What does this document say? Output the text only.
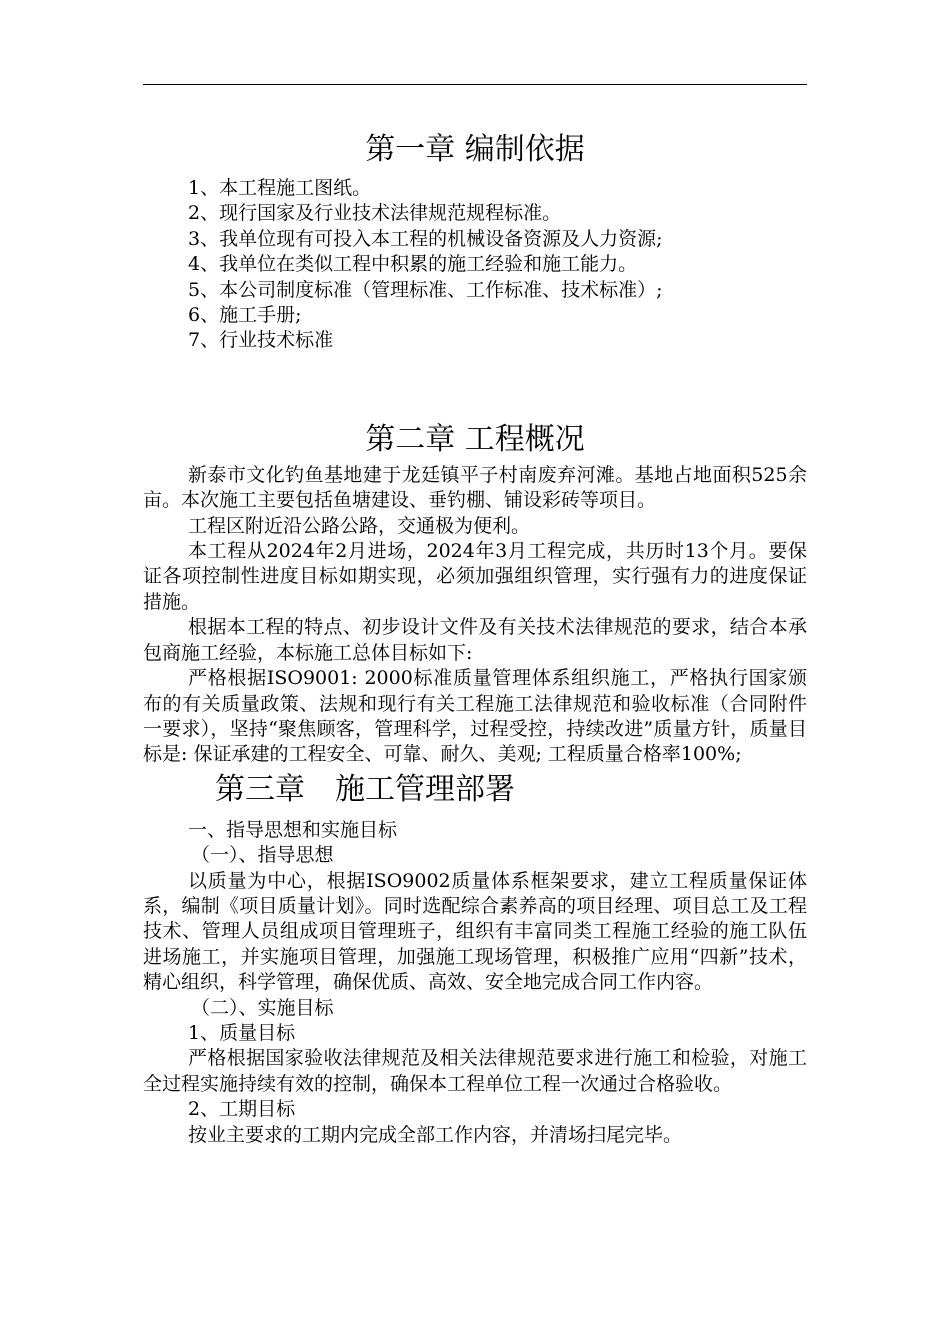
第一章 编制依据

1、本工程施工图纸。

2、现行国家及行业技术法律规范规程标准。

3、我单位现有可投入本工程的机械设备资源及人力资源;

4、我单位在类似工程中积累的施工经验和施工能力。

5、本公司制度标准（管理标准、工作标准、技术标准）;

6、施工手册;

7、行业技术标准

第二章 工程概况

新泰市文化钓鱼基地建于龙廷镇平子村南废弃河滩。基地占地面积525余亩。本次施工主要包括鱼塘建设、垂钓棚、铺设彩砖等项目。

工程区附近沿公路公路，交通极为便利。

本工程从2024年2月进场，2024年3月工程完成，共历时13个月。要保证各项控制性进度目标如期实现，必须加强组织管理，实行强有力的进度保证措施。

根据本工程的特点、初步设计文件及有关技术法律规范的要求，结合本承包商施工经验，本标施工总体目标如下:

严格根据ISO9001: 2000标准质量管理体系组织施工，严格执行国家颁布的有关质量政策、法规和现行有关工程施工法律规范和验收标准（合同附件一要求），坚持“聚焦顾客，管理科学，过程受控，持续改进”质量方针，质量目标是: 保证承建的工程安全、可靠、耐久、美观; 工程质量合格率100%;

第三章 施工管理部署

一、指导思想和实施目标

（一）、指导思想

以质量为中心，根据ISO9002质量体系框架要求，建立工程质量保证体系，编制《项目质量计划》。同时选配综合素养高的项目经理、项目总工及工程技术、管理人员组成项目管理班子，组织有丰富同类工程施工经验的施工队伍进场施工，并实施项目管理，加强施工现场管理，积极推广应用“四新”技术，精心组织，科学管理，确保优质、高效、安全地完成合同工作内容。

（二）、实施目标

1、质量目标

严格根据国家验收法律规范及相关法律规范要求进行施工和检验，对施工全过程实施持续有效的控制，确保本工程单位工程一次通过合格验收。

2、工期目标

按业主要求的工期内完成全部工作内容，并清场扫尾完毕。
